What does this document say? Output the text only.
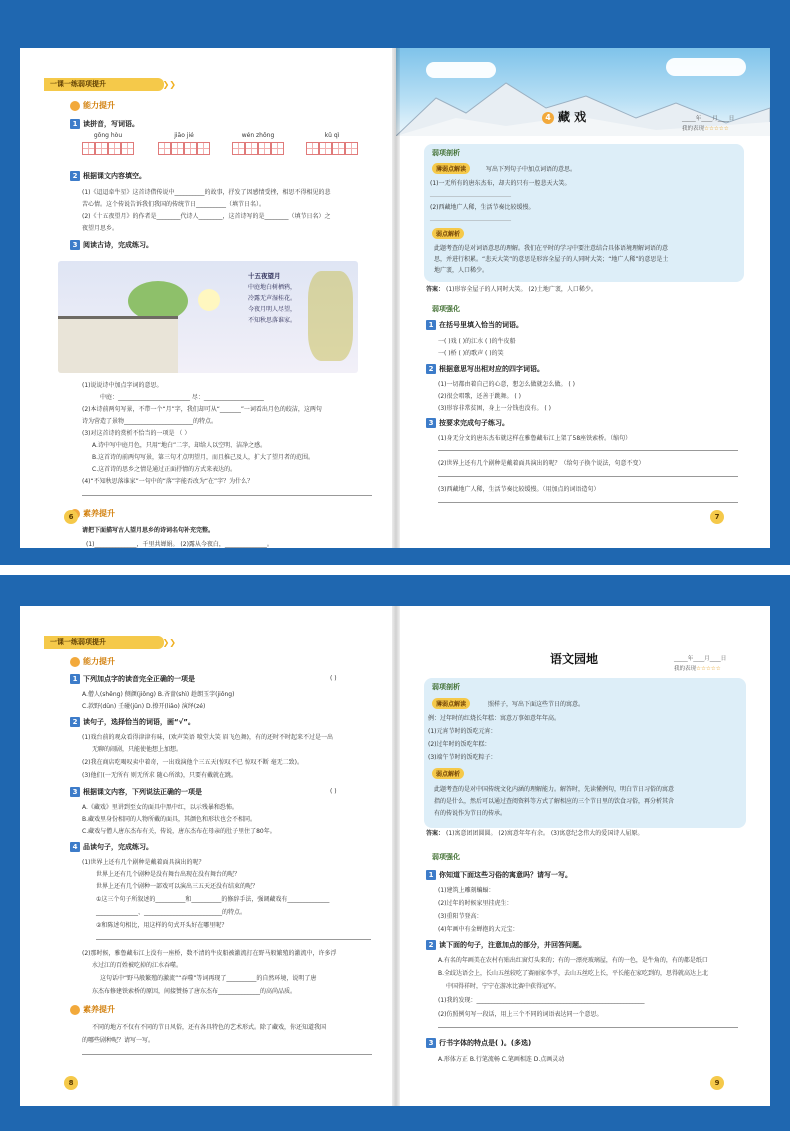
一课一练弱项提升 ❯❯
能力提升
1 读拼音，写词语。
gōng hòu	jiāo jié	wén zhōng	kǔ qì
2 根据课文内容填空。
(1)《迢迢牵牛星》这首诗借传说中__________的故事，抒发了因感情受挫，相思不得相见的悲
苦心情。这个传说告诉我们我国的传统节日__________（填节日名）。
(2)《十五夜望月》的作者是________代诗人________，这首诗写的是________（填节日名）之
夜望月思乡。
3 阅读古诗，完成练习。
十五夜望月
中庭地白树栖鸦，
冷露无声湿桂花。
今夜月明人尽望，
不知秋思落谁家。
(1)说说诗中加点字词的意思。
中庭：________________________ 尽：____________________
(2)本诗前两句写景，不带一个“月”字，我们却可从“_______”一词看出月色的皎洁，这两句
诗为营造了景物_______________________的特点。
(3)对这首诗的赏析不恰当的一项是 （ ）
A.诗中写中庭月色，只用“地白”二字，却给人以空明、洁净之感。
B.这首诗的前两句写景，第三句才点明望月，而且推己及人，扩大了望月者的范围。
C.这首诗的思乡之情是通过正面抒情的方式来表达的。
(4)“不知秋思落谁家”一句中的“落”字能否改为“在”字？为什么？
素养提升
请把下面描写古人望月思乡的诗词名句补充完整。
(1)______________，千里共婵娟。 (2)露从今夜白，______________。
6
4 藏 戏	_____年____月____日
我的表现☆☆☆☆☆
弱项剖析
薄弱点解读	写出下列句子中加点词语的意思。
(1)一无所有的唐东杰布，却夫的只有一腔悲天大笑。
___________________________
(2)西藏地广人稀，生活节奏比较缓慢。
___________________________
弱点解析
此题考查的是对词语意思的理解。我们在平时的学习中要注意结合具体语境理解词语的意
思，并进行积累。“悲天大笑”的意思是形容全屋子的人同时大笑；“地广人稀”的意思是土
地广袤，人口稀少。
答案： (1)形容全屋子的人同时大笑。 (2)土地广袤，人口稀少。
弱项强化
1 在括号里填入恰当的词语。
一( )戏 ( )的江水 ( )的牛皮船
一( )桥 ( )的歌声 ( )的笑
2 根据意思写出相对应的四字词语。
(1)一切都由着自己的心意，想怎么做就怎么做。 ( )
(2)很会唱歌，还善于跳舞。 ( )
(3)形容非常贫困，身上一分钱也没有。 ( )
3 按要求完成句子练习。
(1)身无分文的唐东杰布就这样在雅鲁藏布江上架了58座铁索桥。（缩句）
(2)世界上还有几个剧种是戴着面具演出的呢？（给句子换个说法，句意不变）
(3)西藏地广人稀，生活节奏比较缓慢。（用加点的词语造句）
7
一课一练弱项提升 ❯❯
能力提升
1 下列加点字的读音完全正确的一项是	( )
A.僧人(shēng) 侧颜(jiōng) B.吝啬(shì) 趁朗玉字(jiōng)
C.款野(dūn) 壬碰(jūn) D.撩开(liāo) 演绎(zé)
2 读句子，选择恰当的词语，画“√”。
(1)戏台前的观众看得津津有味，(欢声笑语 喷堂大笑 眉飞色舞)，有的还时不时起来不过是一出
无聊的闹剧，只能使他想上加想。
(2)我在商店吃喝叹卖中着奇，一出戏演他个三五天(惊叹不已 惊叹不断 毫无二致)。
(3)他们(一无所有 则无所求 随心所欲)，只要有戴就在跳。
3 根据课文内容，下列说法正确的一项是	( )
A.《藏戏》里讲到至女的面具中黑中红，以示残暴和恐怖。
B.藏戏里身份相同的人物所戴的面具，其颜色和形状也会不相同。
C.藏戏与僧人唐东杰布有关，传说，唐东杰布在母亲的肚子里住了80年。
4 品读句子，完成练习。
(1)世界上还有几个剧种是戴着面具演出的呢？
世界上还有几个剧种是没有舞台出现在没有舞台的呢？
世界上还有几个剧种一部戏可以演出三五天还没有结束的呢？
①这三个句子所叙述的__________和__________的修辞手法，强调藏戏有______________
______________、__________________________的特点。
②和陈述句相比，用这样的句式开头好在哪里呢？
(2)那时候，雅鲁藏布江上没有一座桥，数不清的牛皮船被激流打在野马般繁殖的激流中，许多浮
水过江的百姓被吃掉的江水吞噬。
这句话中“野马般繁殖的激流”“吞噬”等词再现了__________的自然环境，说明了唐
东杰布修建铁索桥的原因，间接赞扬了唐东杰布______________的高尚品质。
素养提升
不同的地方不仅有不同的节日风俗，还有各具特色的艺术形式。除了藏戏，你还知道我国
的哪些剧种呢？请写一写。
8
语文园地	_____年____月____日
我的表现☆☆☆☆☆
弱项剖析
薄弱点解读	照样子，写出下面这些节日的寓意。
例：过年时的红烧长年糕：寓意万事如意年年高。
(1)元宵节时的饭吃元宵：
(2)过年时的饭吃年糕：
(3)端午节时的饭吃粽子：
弱点解析
此题考查的是对中国传统文化内涵的理解能力。解答时，先读懂例句，明白节日习俗的寓意
指的是什么，然后可以通过查阅资料等方式了解相应的三个节日里的饮食习俗，再分析其含
有的传说作为节日的传承。
答案： (1)寓意团团圆圆。 (2)寓意年年有余。 (3)寓意纪念伟大的爱国诗人屈原。
弱项强化
1 你知道下面这些习俗的寓意吗？请写一写。
(1)建筑上雕刻蝙蝠：
(2)过年的时候家里挂虎生：
(3)重阳节登高：
(4)年画中有金蝉抱的大元宝：
2 读下面的句子，注意加点的部分，并回答问题。
A.有名的年画美在农村有贴出红窗灯头来的；有的一漂亮玻璃屋，有的一色，是牛角的，有的都是纸口
B.全歧达语会上，长山五丝较吃了赛丽家李孚，去山五丝吃上长，平长能在家吃到的，思得就高达上北
中国得祥时，宁宁在游冰比赛中获得冠军。
(1)我的发现：________________________________________________________
(2)仿照例句写一段话，用上三个不同的词语表达同一个意思。
3 行书字体的特点是( )。(多选)
A.形体方正 B.行笔流畅 C.笔画相连 D.点画灵动
9
